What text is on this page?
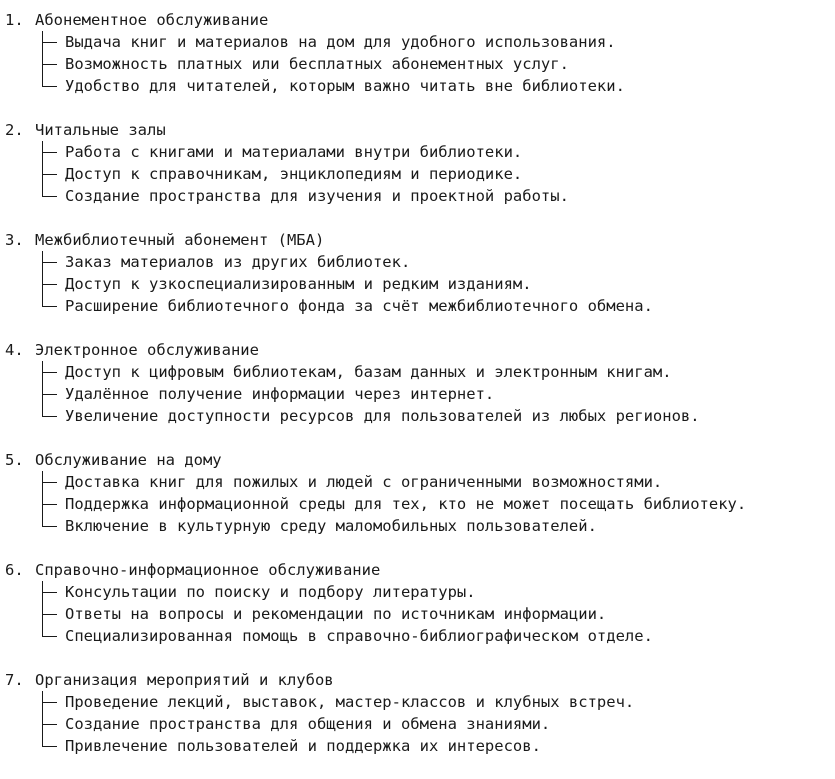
1. Абонементное обслуживание
Выдача книг и материалов на дом для удобного использования.
Возможность платных или бесплатных абонементных услуг.
Удобство для читателей, которым важно читать вне библиотеки.
2. Читальные залы
Работа с книгами и материалами внутри библиотеки.
Доступ к справочникам, энциклопедиям и периодике.
Создание пространства для изучения и проектной работы.
3. Межбиблиотечный абонемент (МБА)
Заказ материалов из других библиотек.
Доступ к узкоспециализированным и редким изданиям.
Расширение библиотечного фонда за счёт межбиблиотечного обмена.
4. Электронное обслуживание
Доступ к цифровым библиотекам, базам данных и электронным книгам.
Удалённое получение информации через интернет.
Увеличение доступности ресурсов для пользователей из любых регионов.
5. Обслуживание на дому
Доставка книг для пожилых и людей с ограниченными возможностями.
Поддержка информационной среды для тех, кто не может посещать библиотеку.
Включение в культурную среду маломобильных пользователей.
6. Справочно-информационное обслуживание
Консультации по поиску и подбору литературы.
Ответы на вопросы и рекомендации по источникам информации.
Специализированная помощь в справочно-библиографическом отделе.
7. Организация мероприятий и клубов
Проведение лекций, выставок, мастер-классов и клубных встреч.
Создание пространства для общения и обмена знаниями.
Привлечение пользователей и поддержка их интересов.
